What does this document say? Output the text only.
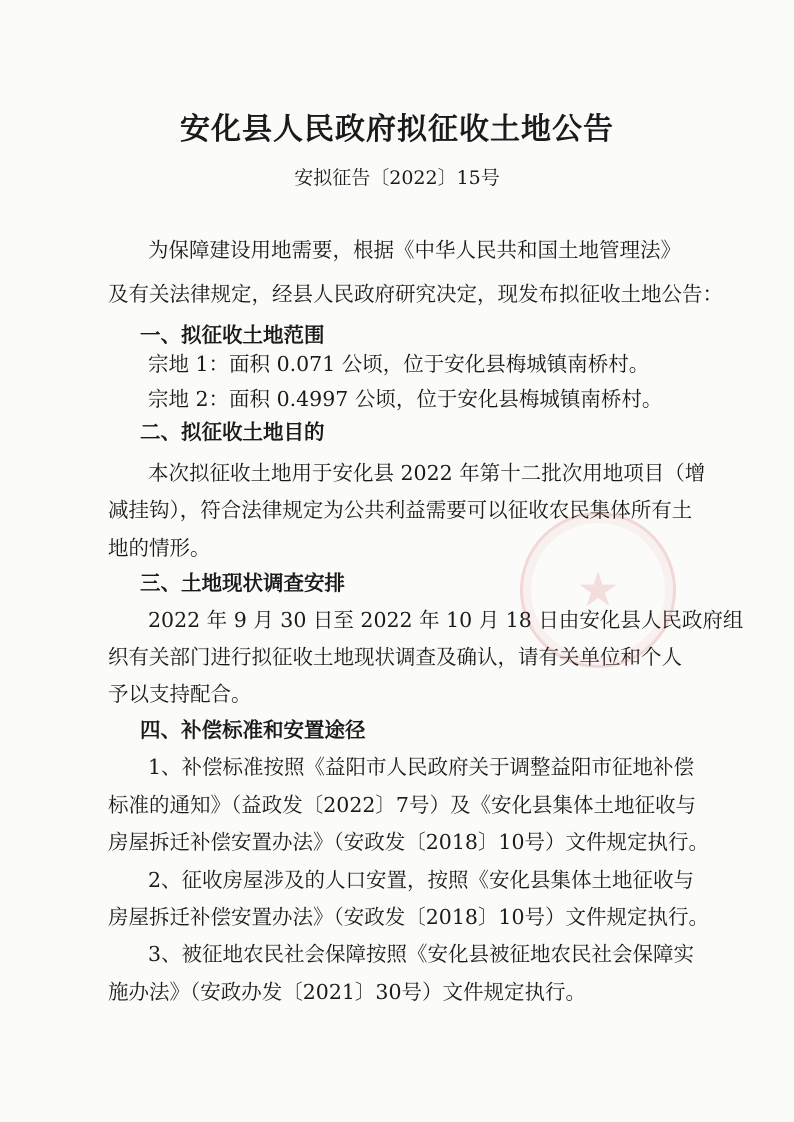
安化县人民政府拟征收土地公告
安拟征告〔2022〕15号
为保障建设用地需要，根据《中华人民共和国土地管理法》
及有关法律规定，经县人民政府研究决定，现发布拟征收土地公告：
一、拟征收土地范围
宗地 1：面积 0.071 公顷，位于安化县梅城镇南桥村。
宗地 2：面积 0.4997 公顷，位于安化县梅城镇南桥村。
二、拟征收土地目的
本次拟征收土地用于安化县 2022 年第十二批次用地项目（增
减挂钩），符合法律规定为公共利益需要可以征收农民集体所有土
地的情形。
三、土地现状调查安排
2022 年 9 月 30 日至 2022 年 10 月 18 日由安化县人民政府组
织有关部门进行拟征收土地现状调查及确认，请有关单位和个人
予以支持配合。
四、补偿标准和安置途径
1、补偿标准按照《益阳市人民政府关于调整益阳市征地补偿
标准的通知》（益政发〔2022〕7号）及《安化县集体土地征收与
房屋拆迁补偿安置办法》（安政发〔2018〕10号）文件规定执行。
2、征收房屋涉及的人口安置，按照《安化县集体土地征收与
房屋拆迁补偿安置办法》（安政发〔2018〕10号）文件规定执行。
3、被征地农民社会保障按照《安化县被征地农民社会保障实
施办法》（安政办发〔2021〕30号）文件规定执行。
★
